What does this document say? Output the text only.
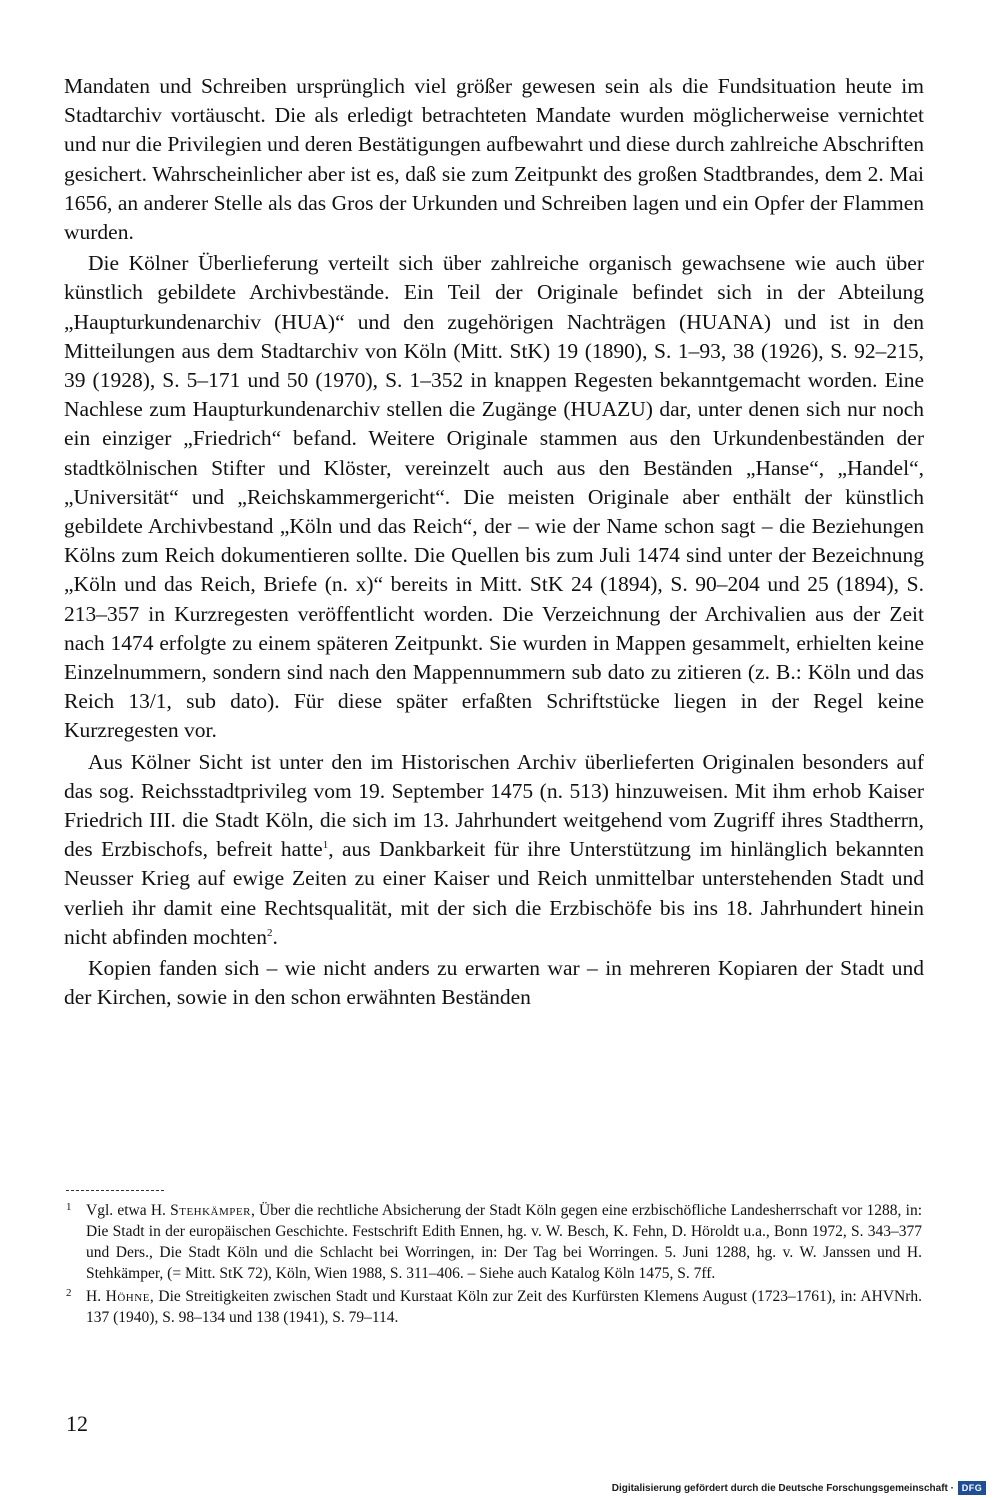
Mandaten und Schreiben ursprünglich viel größer gewesen sein als die Fundsituation heute im Stadtarchiv vortäuscht. Die als erledigt betrachteten Mandate wurden möglicherweise vernichtet und nur die Privilegien und deren Bestätigungen aufbewahrt und diese durch zahlreiche Abschriften gesichert. Wahrscheinlicher aber ist es, daß sie zum Zeitpunkt des großen Stadtbrandes, dem 2. Mai 1656, an anderer Stelle als das Gros der Urkunden und Schreiben lagen und ein Opfer der Flammen wurden.

Die Kölner Überlieferung verteilt sich über zahlreiche organisch gewachsene wie auch über künstlich gebildete Archivbestände. Ein Teil der Originale befindet sich in der Abteilung „Haupturkundenarchiv (HUA)“ und den zugehörigen Nachträgen (HUANA) und ist in den Mitteilungen aus dem Stadtarchiv von Köln (Mitt. StK) 19 (1890), S. 1–93, 38 (1926), S. 92–215, 39 (1928), S. 5–171 und 50 (1970), S. 1–352 in knappen Regesten bekanntgemacht worden. Eine Nachlese zum Haupturkundenarchiv stellen die Zugänge (HUAZU) dar, unter denen sich nur noch ein einziger „Friedrich“ befand. Weitere Originale stammen aus den Urkundenbeständen der stadtkölnischen Stifter und Klöster, vereinzelt auch aus den Beständen „Hanse“, „Handel“, „Universität“ und „Reichskammergericht“. Die meisten Originale aber enthält der künstlich gebildete Archivbestand „Köln und das Reich“, der – wie der Name schon sagt – die Beziehungen Kölns zum Reich dokumentieren sollte. Die Quellen bis zum Juli 1474 sind unter der Bezeichnung „Köln und das Reich, Briefe (n. x)“ bereits in Mitt. StK 24 (1894), S. 90–204 und 25 (1894), S. 213–357 in Kurzregesten veröffentlicht worden. Die Verzeichnung der Archivalien aus der Zeit nach 1474 erfolgte zu einem späteren Zeitpunkt. Sie wurden in Mappen gesammelt, erhielten keine Einzelnummern, sondern sind nach den Mappennummern sub dato zu zitieren (z. B.: Köln und das Reich 13/1, sub dato). Für diese später erfaßten Schriftstücke liegen in der Regel keine Kurzregesten vor.

Aus Kölner Sicht ist unter den im Historischen Archiv überlieferten Originalen besonders auf das sog. Reichsstadtprivileg vom 19. September 1475 (n. 513) hinzuweisen. Mit ihm erhob Kaiser Friedrich III. die Stadt Köln, die sich im 13. Jahrhundert weitgehend vom Zugriff ihres Stadtherrn, des Erzbischofs, befreit hatte$^1$, aus Dankbarkeit für ihre Unterstützung im hinlänglich bekannten Neusser Krieg auf ewige Zeiten zu einer Kaiser und Reich unmittelbar unterstehenden Stadt und verlieh ihr damit eine Rechtsqualität, mit der sich die Erzbischöfe bis ins 18. Jahrhundert hinein nicht abfinden mochten$^2$.

Kopien fanden sich – wie nicht anders zu erwarten war – in mehreren Kopiaren der Stadt und der Kirchen, sowie in den schon erwähnten Beständen

1 Vgl. etwa H. Stehkämper, Über die rechtliche Absicherung der Stadt Köln gegen eine erzbischöfliche Landesherrschaft vor 1288, in: Die Stadt in der europäischen Geschichte. Festschrift Edith Ennen, hg. v. W. Besch, K. Fehn, D. Höroldt u.a., Bonn 1972, S. 343–377 und Ders., Die Stadt Köln und die Schlacht bei Worringen, in: Der Tag bei Worringen. 5. Juni 1288, hg. v. W. Janssen und H. Stehkämper, (= Mitt. StK 72), Köln, Wien 1988, S. 311–406. – Siehe auch Katalog Köln 1475, S. 7ff.

2 H. Höhne, Die Streitigkeiten zwischen Stadt und Kurstaat Köln zur Zeit des Kurfürsten Klemens August (1723–1761), in: AHVNrh. 137 (1940), S. 98–134 und 138 (1941), S. 79–114.

12
Digitalisierung gefördert durch die Deutsche Forschungsgemeinschaft · DFG
